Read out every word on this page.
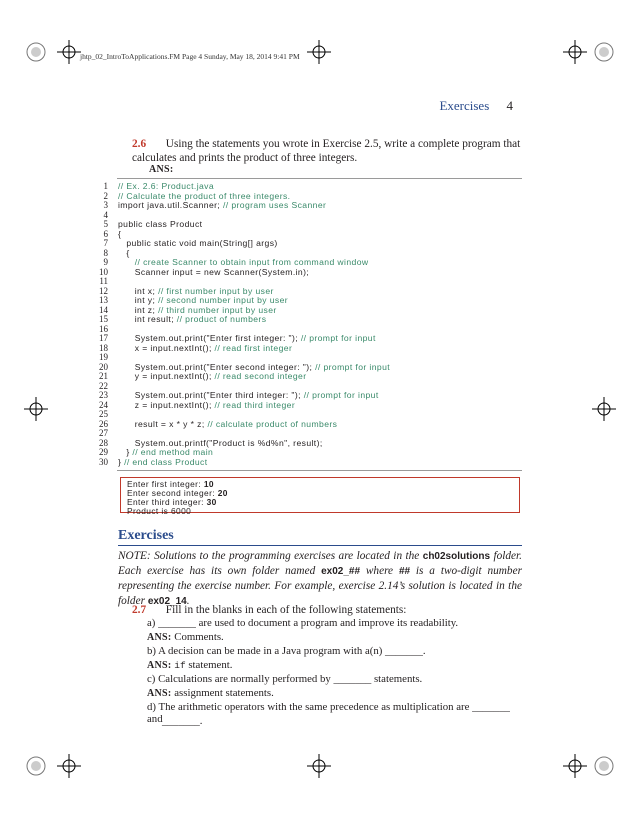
jhtp_02_IntroToApplications.FM Page 4 Sunday, May 18, 2014 9:41 PM
Exercises 4
2.6 Using the statements you wrote in Exercise 2.5, write a complete program that calculates and prints the product of three integers.
ANS:
1 // Ex. 2.6: Product.java
2 // Calculate the product of three integers.
3 import java.util.Scanner; // program uses Scanner
4
5 public class Product
6 {
7 public static void main(String[] args)
8 {
9 // create Scanner to obtain input from command window
10 Scanner input = new Scanner(System.in);
11
12 int x; // first number input by user
13 int y; // second number input by user
14 int z; // third number input by user
15 int result; // product of numbers
16
17 System.out.print("Enter first integer: "); // prompt for input
18 x = input.nextInt(); // read first integer
19
20 System.out.print("Enter second integer: "); // prompt for input
21 y = input.nextInt(); // read second integer
22
23 System.out.print("Enter third integer: "); // prompt for input
24 z = input.nextInt(); // read third integer
25
26 result = x * y * z; // calculate product of numbers
27
28 System.out.printf("Product is %d%n", result);
29 } // end method main
30 } // end class Product
Enter first integer: 10
Enter second integer: 20
Enter third integer: 30
Product is 6000
Exercises
NOTE: Solutions to the programming exercises are located in the ch02solutions folder. Each exercise has its own folder named ex02_## where ## is a two-digit number representing the exercise number. For example, exercise 2.14’s solution is located in the folder ex02_14.
2.7 Fill in the blanks in each of the following statements:
a) _______ are used to document a program and improve its readability.
ANS: Comments.
b) A decision can be made in a Java program with a(n) _______.
ANS: if statement.
c) Calculations are normally performed by _______ statements.
ANS: assignment statements.
d) The arithmetic operators with the same precedence as multiplication are _______ and _______.
